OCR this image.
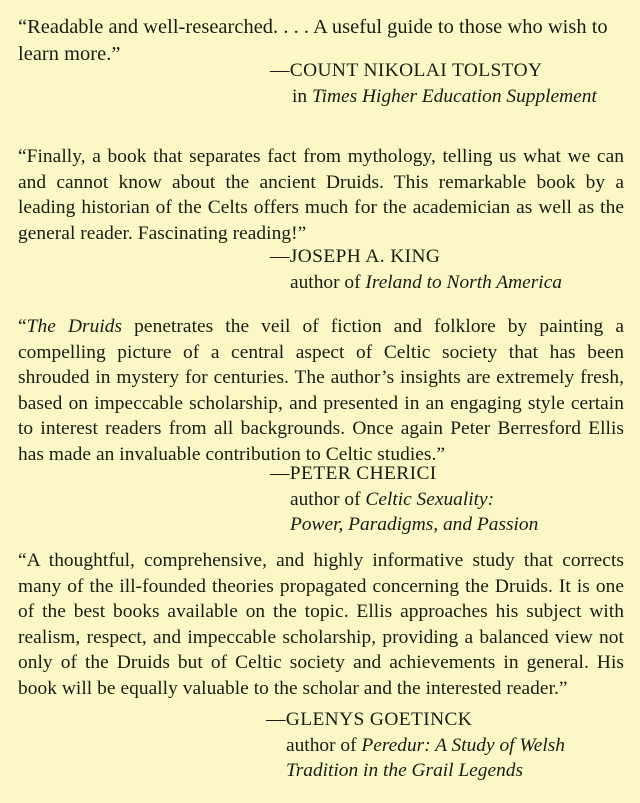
“Readable and well-researched. . . . A useful guide to those who wish to learn more.”

—COUNT NIKOLAI TOLSTOY
in Times Higher Education Supplement

“Finally, a book that separates fact from mythology, telling us what we can and cannot know about the ancient Druids. This remarkable book by a leading historian of the Celts offers much for the academician as well as the general reader. Fascinating reading!”

—JOSEPH A. KING
author of Ireland to North America

“The Druids penetrates the veil of fiction and folklore by painting a compelling picture of a central aspect of Celtic society that has been shrouded in mystery for centuries. The author’s insights are extremely fresh, based on impeccable scholarship, and presented in an engaging style certain to interest readers from all backgrounds. Once again Peter Berresford Ellis has made an invaluable contribution to Celtic studies.”

—PETER CHERICI
author of Celtic Sexuality:
Power, Paradigms, and Passion

“A thoughtful, comprehensive, and highly informative study that corrects many of the ill-founded theories propagated concerning the Druids. It is one of the best books available on the topic. Ellis approaches his subject with realism, respect, and impeccable scholarship, providing a balanced view not only of the Druids but of Celtic society and achievements in general. His book will be equally valuable to the scholar and the interested reader.”

—GLENYS GOETINCK
author of Peredur: A Study of Welsh
Tradition in the Grail Legends
